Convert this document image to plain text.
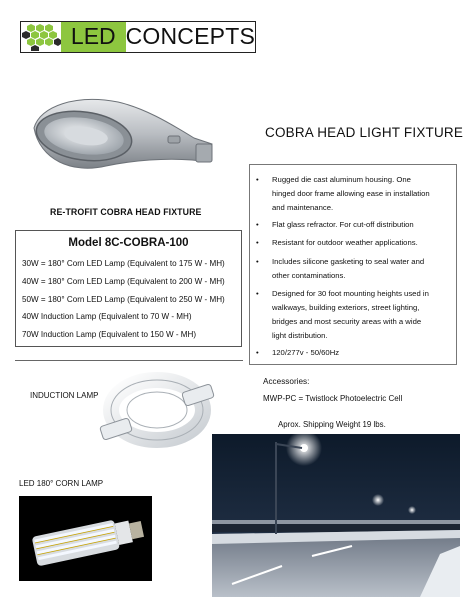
LED CONCEPTS
COBRA HEAD LIGHT FIXTURE
RE-TROFIT COBRA HEAD FIXTURE
Model 8C-COBRA-100
30W = 180° Corn LED Lamp (Equivalent to 175 W - MH)
40W = 180° Corn LED Lamp (Equivalent to 200 W - MH)
50W = 180° Corn LED Lamp (Equivalent to 250 W - MH)
40W Induction Lamp (Equivalent to 70 W - MH)
70W Induction Lamp (Equivalent to 150 W - MH)
•	Rugged die cast aluminum housing. One
hinged door frame allowing ease in installation
and maintenance.
•	Flat glass refractor. For cut-off distribution
•	Resistant for outdoor weather applications.
•	Includes silicone gasketing to seal water and
other contaminations.
•	Designed for 30 foot mounting heights used in
walkways, building exteriors, street lighting,
bridges and most security areas with a wide
light distribution.
•	120/277v - 50/60Hz
Accessories:
MWP-PC = Twistlock Photoelectric Cell
Aprox. Shipping Weight 19 lbs.
INDUCTION LAMP
LED 180° CORN LAMP
